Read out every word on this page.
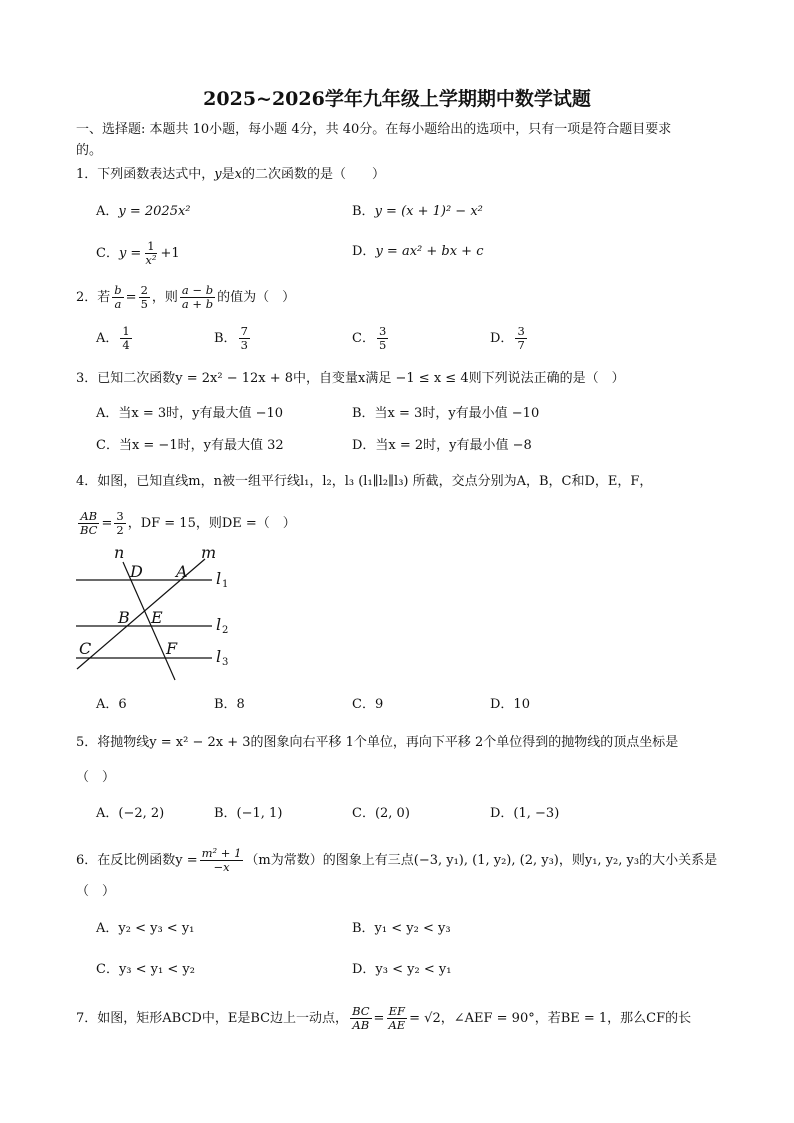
2025~2026学年九年级上学期期中数学试题
一、选择题: 本题共 10小题，每小题 4分，共 40分。在每小题给出的选项中，只有一项是符合题目要求
的。
1．下列函数表达式中，y是x的二次函数的是（　　）
A．y = 2025x²	B．y = (x + 1)² − x²
C．$y = \frac{1}{\text{x²}} +1$	D．y = ax² + bx + c
2．若 $\frac{b}{a} = \frac{2}{5}$ ，则 $\frac{a - b}{a + b}$ 的值为（　）
A． $\frac{1}{4}$	B． $\frac{7}{3}$	C． $\frac{3}{5}$	D． $\frac{3}{7}$
3．已知二次函数y = 2x² − 12x + 8中，自变量x满足 −1 ≤ x ≤ 4则下列说法正确的是（　）
A．当x = 3时，y有最大值 −10	B．当x = 3时，y有最小值 −10
C．当x = −1时，y有最大值 32	D．当x = 2时，y有最小值 −8
4．如图，已知直线m，n被一组平行线l₁，l₂，l₃ (l₁∥l₂∥l₃) 所截，交点分别为A，B，C和D，E，F，
$\frac{AB}{BC} = \frac{3}{2}$ ，DF = 15，则DE =（　）
n	m
D A l 1
B E	l 2
C	F l 3
A．6	B．8	C．9	D．10
5．将抛物线y = x² − 2x + 3的图象向右平移 1个单位，再向下平移 2个单位得到的抛物线的顶点坐标是
（　）
A．(−2, 2)	B．(−1, 1)	C．(2, 0)	D．(1, −3)
6．在反比例函数$y = \frac{\text{m² + 1}}{-x} (m$为常数）的图象上有三点(−3, y₁), (1, y₂), (2, y₃)，则y₁, y₂, y₃的大小关系是
（　）
A．y₂ < y₃ < y₁	B．y₁ < y₂ < y₃
C．y₃ < y₁ < y₂	D．y₃ < y₂ < y₁
7．如图，矩形ABCD中，E是BC边上一动点， $\frac{BC}{AB} = \frac{EF}{AE} = √2$，∠AEF = 90°，若BE = 1，那么CF的长
